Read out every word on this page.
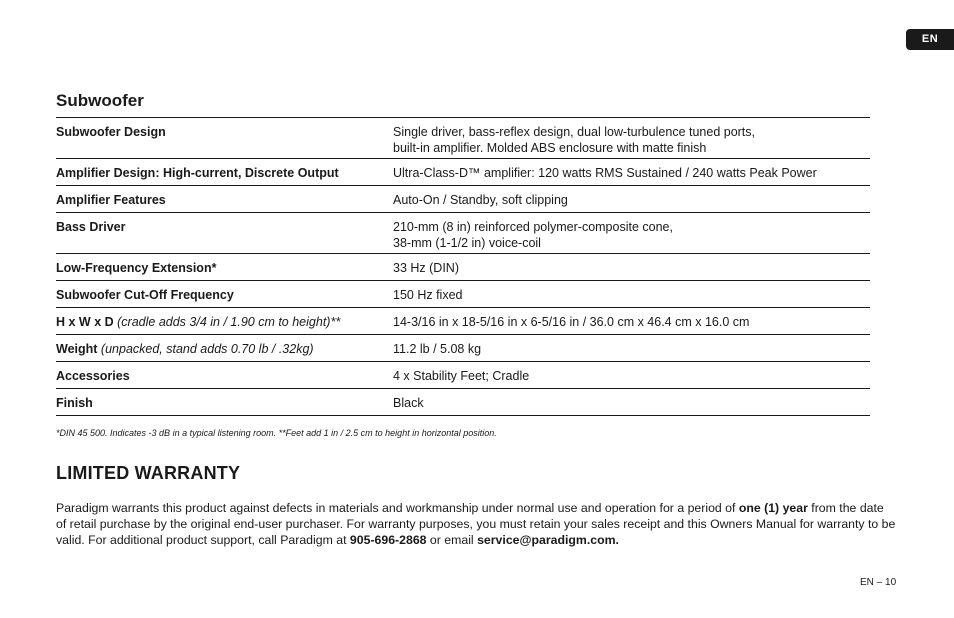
EN
Subwoofer
Subwoofer Design	Single driver, bass-reflex design, dual low-turbulence tuned ports,
built-in amplifier. Molded ABS enclosure with matte finish
Amplifier Design: High-current, Discrete Output	Ultra-Class-D™ amplifier: 120 watts RMS Sustained / 240 watts Peak Power
Amplifier Features	Auto-On / Standby, soft clipping
Bass Driver	210-mm (8 in) reinforced polymer-composite cone,
38-mm (1-1/2 in) voice-coil
Low-Frequency Extension*	33 Hz (DIN)
Subwoofer Cut-Off Frequency	150 Hz fixed
H x W x D (cradle adds 3/4 in / 1.90 cm to height)**	14-3/16 in x 18-5/16 in x 6-5/16 in / 36.0 cm x 46.4 cm x 16.0 cm
Weight (unpacked, stand adds 0.70 lb / .32kg)	11.2 lb / 5.08 kg
Accessories	4 x Stability Feet; Cradle
Finish	Black

*DIN 45 500. Indicates -3 dB in a typical listening room. **Feet add 1 in / 2.5 cm to height in horizontal position.

LIMITED WARRANTY

Paradigm warrants this product against defects in materials and workmanship under normal use and operation for a period of one (1) year from the date of retail purchase by the original end-user purchaser. For warranty purposes, you must retain your sales receipt and this Owners Manual for warranty to be valid. For additional product support, call Paradigm at 905-696-2868 or email service@paradigm.com.

EN – 10
